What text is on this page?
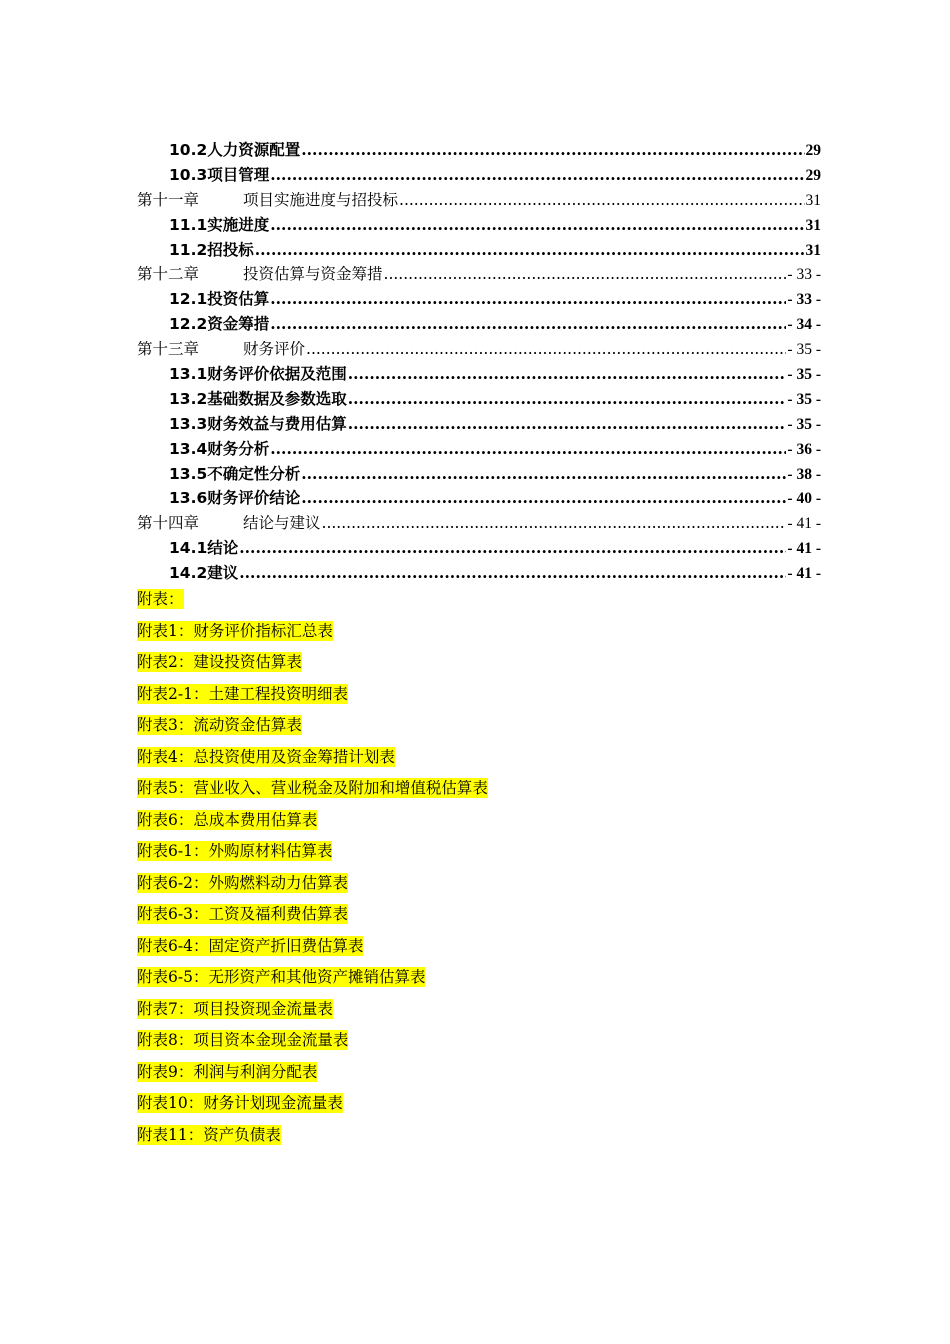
10.2人力资源配置 .....	29
10.3项目管理 .....	29
第十一章	项目实施进度与招投标 .....	31
11.1实施进度 .....	31
11.2招投标 .....	31
第十二章	投资估算与资金筹措 .....	- 33 -
12.1投资估算 .....	- 33 -
12.2资金筹措 .....	- 34 -
第十三章	财务评价 .....	- 35 -
13.1财务评价依据及范围 .....	- 35 -
13.2基础数据及参数选取 .....	- 35 -
13.3财务效益与费用估算 .....	- 35 -
13.4财务分析 .....	- 36 -
13.5不确定性分析 .....	- 38 -
13.6财务评价结论 .....	- 40 -
第十四章	结论与建议 .....	- 41 -
14.1结论 .....	- 41 -
14.2建议 .....	- 41 -
附表：
附表1：财务评价指标汇总表
附表2：建设投资估算表
附表2-1：土建工程投资明细表
附表3：流动资金估算表
附表4：总投资使用及资金筹措计划表
附表5：营业收入、营业税金及附加和增值税估算表
附表6：总成本费用估算表
附表6-1：外购原材料估算表
附表6-2：外购燃料动力估算表
附表6-3：工资及福利费估算表
附表6-4：固定资产折旧费估算表
附表6-5：无形资产和其他资产摊销估算表
附表7：项目投资现金流量表
附表8：项目资本金现金流量表
附表9：利润与利润分配表
附表10：财务计划现金流量表
附表11：资产负债表
